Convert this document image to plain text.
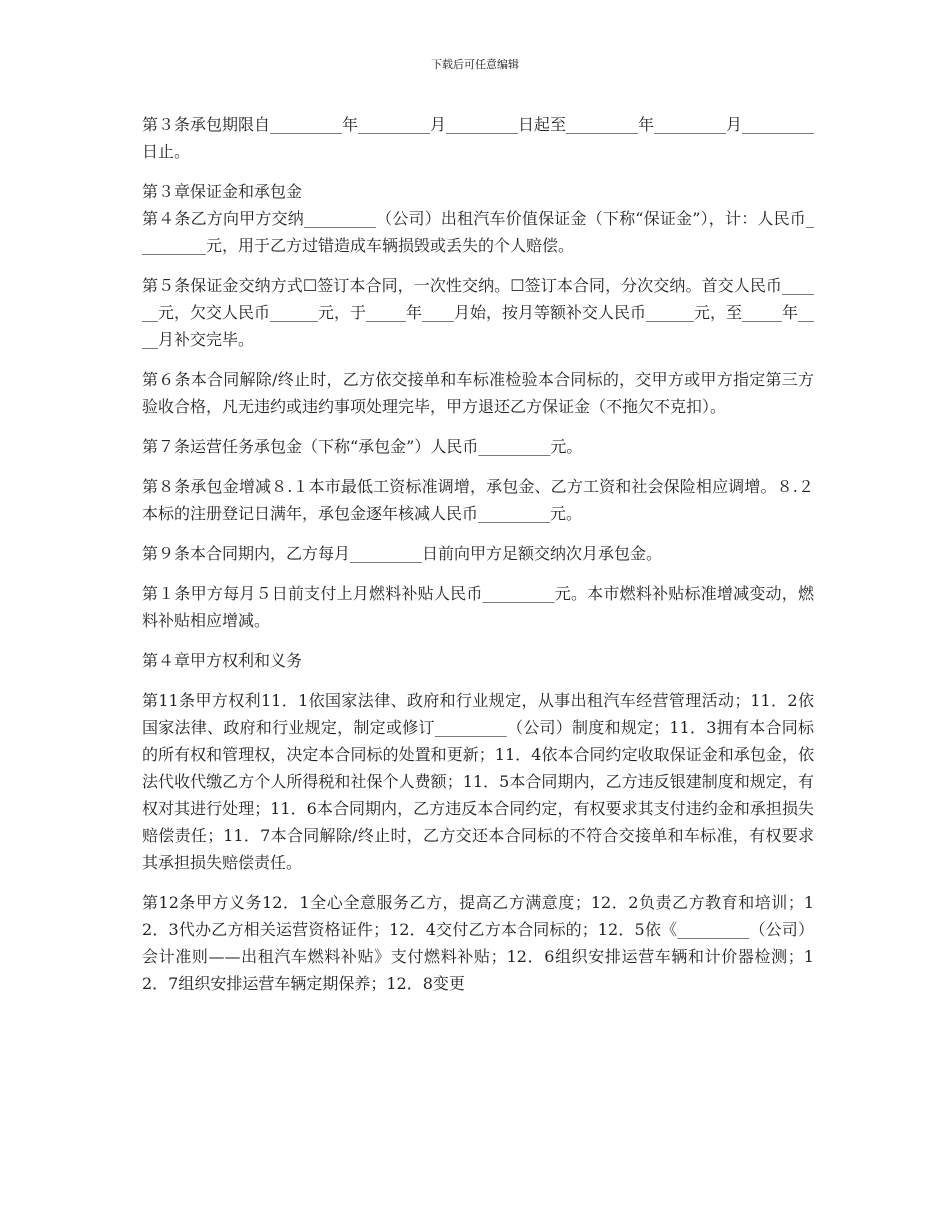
下载后可任意编辑

第３条承包期限自_________年_________月_________日起至_________年_________月_________日止。

第３章保证金和承包金

第４条乙方向甲方交纳_________（公司）出租汽车价值保证金（下称“保证金”），计：人民币_________元，用于乙方过错造成车辆损毁或丢失的个人赔偿。

第５条保证金交纳方式☐签订本合同，一次性交纳。☐签订本合同，分次交纳。首交人民币______元，欠交人民币______元，于_____年____月始，按月等额补交人民币______元，至_____年____月补交完毕。

第６条本合同解除/终止时，乙方依交接单和车标准检验本合同标的，交甲方或甲方指定第三方验收合格，凡无违约或违约事项处理完毕，甲方退还乙方保证金（不拖欠不克扣）。

第７条运营任务承包金（下称“承包金”）人民币_________元。

第８条承包金增减８.１本市最低工资标准调增，承包金、乙方工资和社会保险相应调增。８.２本标的注册登记日满年，承包金逐年核减人民币_________元。

第９条本合同期内，乙方每月_________日前向甲方足额交纳次月承包金。

第１条甲方每月５日前支付上月燃料补贴人民币_________元。本市燃料补贴标准增减变动，燃料补贴相应增减。

第４章甲方权利和义务

第11条甲方权利11．1依国家法律、政府和行业规定，从事出租汽车经营管理活动；11．2依国家法律、政府和行业规定，制定或修订_________（公司）制度和规定；11．3拥有本合同标的所有权和管理权，决定本合同标的处置和更新；11．4依本合同约定收取保证金和承包金，依法代收代缴乙方个人所得税和社保个人费额；11．5本合同期内，乙方违反银建制度和规定，有权对其进行处理；11．6本合同期内，乙方违反本合同约定，有权要求其支付违约金和承担损失赔偿责任；11．7本合同解除/终止时，乙方交还本合同标的不符合交接单和车标准，有权要求其承担损失赔偿责任。

第12条甲方义务12．1全心全意服务乙方，提高乙方满意度；12．2负责乙方教育和培训；12．3代办乙方相关运营资格证件；12．4交付乙方本合同标的；12．5依《_________（公司）会计准则——出租汽车燃料补贴》支付燃料补贴；12．6组织安排运营车辆和计价器检测；12．7组织安排运营车辆定期保养；12．8变更
